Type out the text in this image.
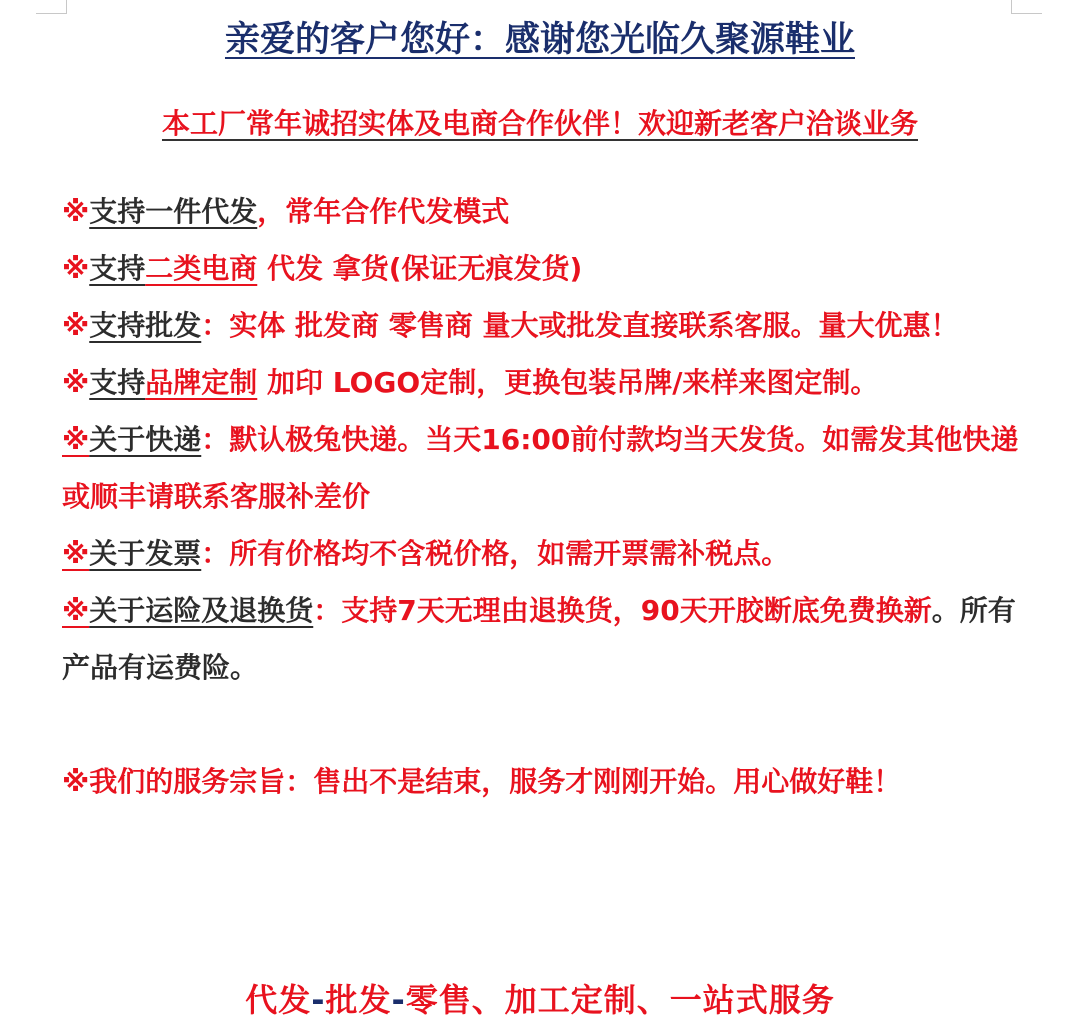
亲爱的客户您好：感谢您光临久聚源鞋业
本工厂常年诚招实体及电商合作伙伴！欢迎新老客户洽谈业务

※支持一件代发，常年合作代发模式

※支持二类电商 代发 拿货(保证无痕发货)

※支持批发：实体 批发商 零售商 量大或批发直接联系客服。量大优惠！

※支持品牌定制 加印 LOGO定制，更换包装吊牌/来样来图定制。

※关于快递：默认极兔快递。当天16:00前付款均当天发货。如需发其他快递或顺丰请联系客服补差价

※关于发票：所有价格均不含税价格，如需开票需补税点。

※关于运险及退换货：支持7天无理由退换货，90天开胶断底免费换新。所有产品有运费险。

※我们的服务宗旨：售出不是结束，服务才刚刚开始。用心做好鞋！

代发-批发-零售、加工定制、一站式服务
